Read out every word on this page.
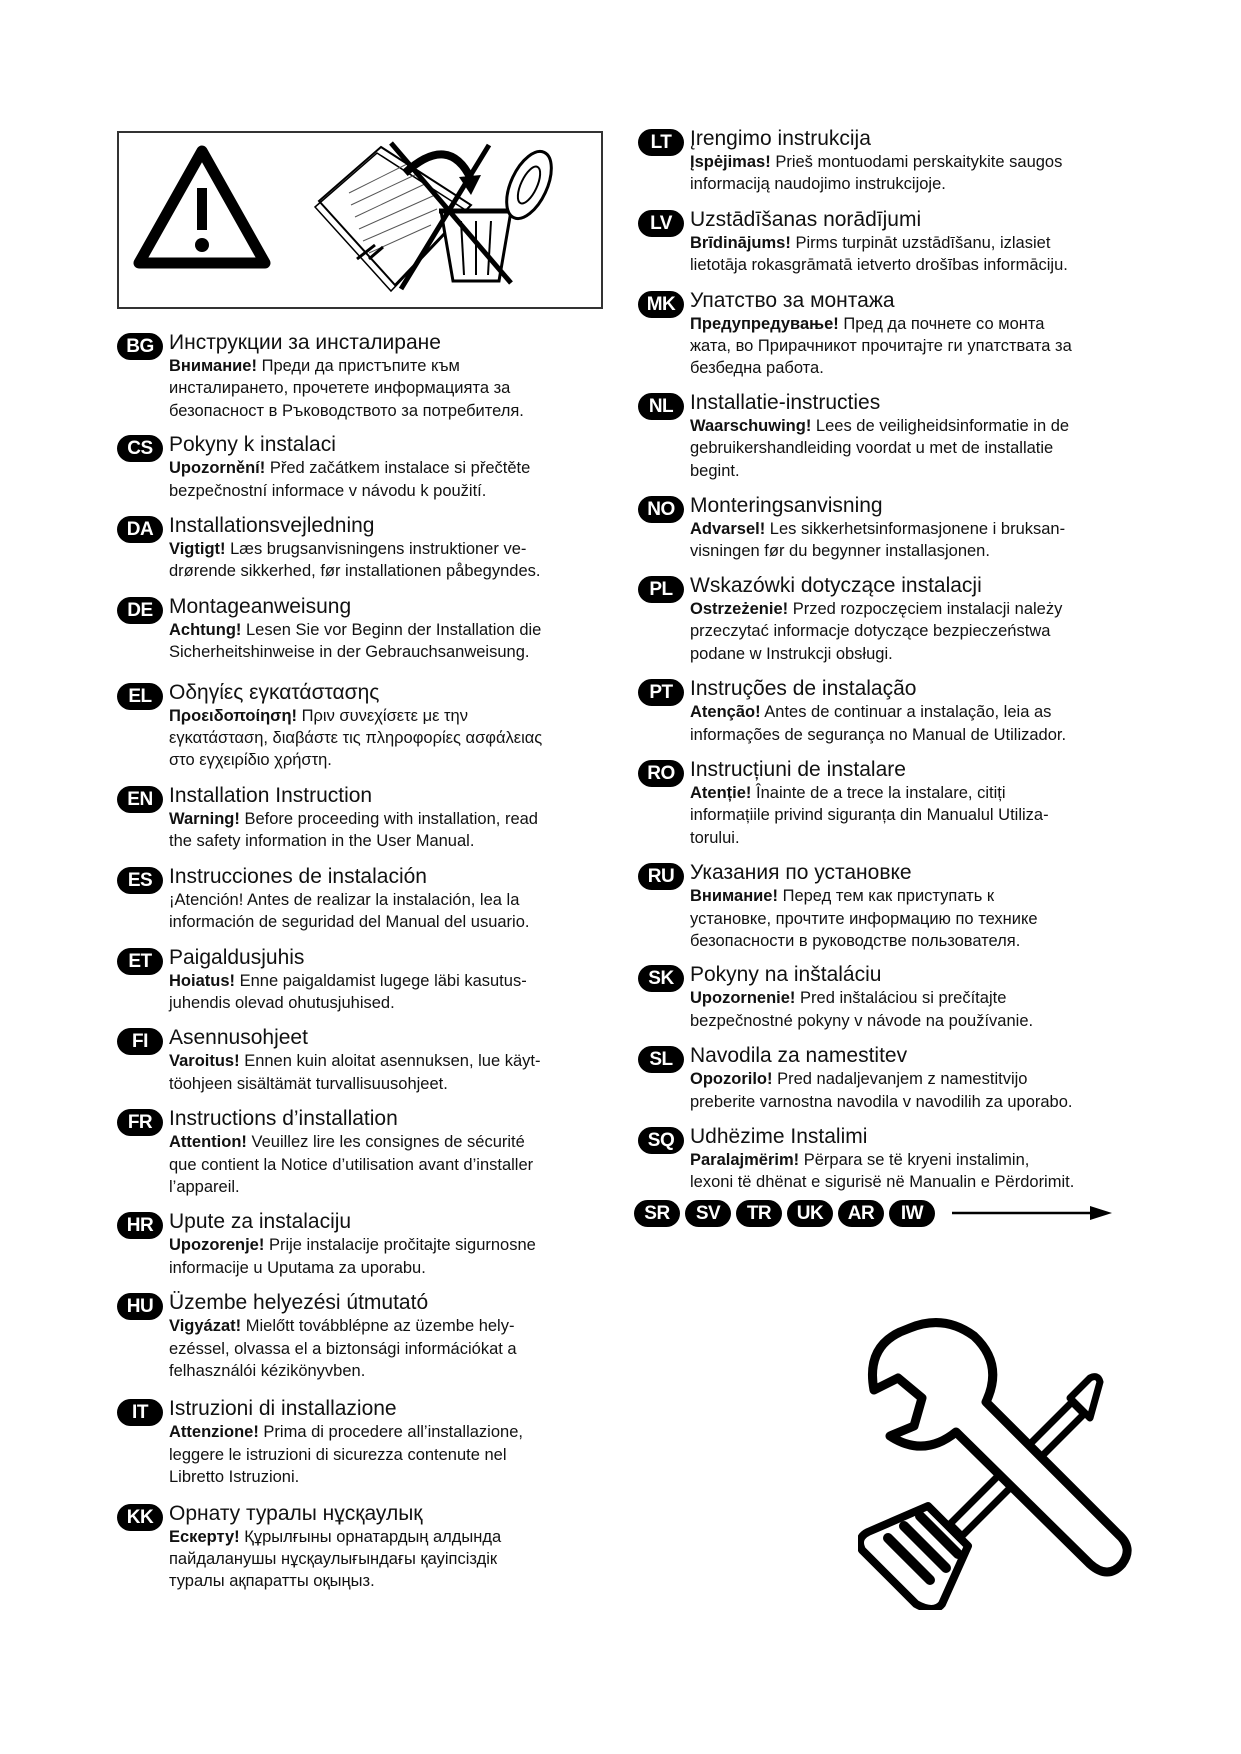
BG Инструкции за инсталиране

Внимание! Преди да пристъпите към
инсталирането, прочетете информацията за
безопасност в Ръководството за потребителя.

CS Pokyny k instalaci

Upozornění! Před začátkem instalace si přečtěte
bezpečnostní informace v návodu k použití.

DA Installationsvejledning

Vigtigt! Læs brugsanvisningens instruktioner ve-
drørende sikkerhed, før installationen påbegyndes.

DE Montageanweisung

Achtung! Lesen Sie vor Beginn der Installation die
Sicherheitshinweise in der Gebrauchsanweisung.

EL Οδηγίες εγκατάστασης

Προειδοποίηση! Πριν συνεχίσετε με την
εγκατάσταση, διαβάστε τις πληροφορίες ασφάλειας
στο εγχειρίδιο χρήστη.

EN Installation Instruction

Warning! Before proceeding with installation, read
the safety information in the User Manual.

ES Instrucciones de instalación

¡Atención! Antes de realizar la instalación, lea la
información de seguridad del Manual del usuario.

ET Paigaldusjuhis

Hoiatus! Enne paigaldamist lugege läbi kasutus-
juhendis olevad ohutusjuhised.

FI	Asennusohjeet

Varoitus! Ennen kuin aloitat asennuksen, lue käyt-
töohjeen sisältämät turvallisuusohjeet.

FR Instructions d’installation

Attention! Veuillez lire les consignes de sécurité
que contient la Notice d’utilisation avant d’installer
l’appareil.

HR Upute za instalaciju

Upozorenje! Prije instalacije pročitajte sigurnosne
informacije u Uputama za uporabu.

HU Üzembe helyezési útmutató

Vigyázat! Mielőtt továbblépne az üzembe hely-
ezéssel, olvassa el a biztonsági információkat a
felhasználói kézikönyvben.

IT	Istruzioni di installazione

Attenzione! Prima di procedere all’installazione,
leggere le istruzioni di sicurezza contenute nel
Libretto Istruzioni.

KK Орнату туралы нұсқаулық

Ескерту! Құрылғыны орнатардың алдында
пайдаланушы нұсқаулығындағы қауіпсіздік
туралы ақпаратты оқыңыз.

LT Įrengimo instrukcija

Įspėjimas! Prieš montuodami perskaitykite saugos
informaciją naudojimo instrukcijoje.

LV Uzstādīšanas norādījumi

Brīdinājums! Pirms turpināt uzstādīšanu, izlasiet
lietotāja rokasgrāmatā ietverto drošības informāciju.

MK Упатство за монтажа

Предупредување! Пред да почнете со монта
жата, во Прирачникот прочитајте ги упатствата за
безбедна работа.

NL Installatie-instructies

Waarschuwing! Lees de veiligheidsinformatie in de
gebruikershandleiding voordat u met de installatie
begint.

NO Monteringsanvisning

Advarsel! Les sikkerhetsinformasjonene i bruksan-
visningen før du begynner installasjonen.

PL Wskazówki dotyczące instalacji

Ostrzeżenie! Przed rozpoczęciem instalacji należy
przeczytać informacje dotyczące bezpieczeństwa
podane w Instrukcji obsługi.

PT Instruções de instalação

Atenção! Antes de continuar a instalação, leia as
informações de segurança no Manual de Utilizador.

RO Instrucțiuni de instalare

Atenție! Înainte de a trece la instalare, citiți
informațiile privind siguranța din Manualul Utiliza-
torului.

RU Указания по установке

Внимание! Перед тем как приступать к
установке, прочтите информацию по технике
безопасности в руководстве пользователя.

SK Pokyny na inštaláciu

Upozornenie! Pred inštaláciou si prečítajte
bezpečnostné pokyny v návode na používanie.

SL Navodila za namestitev

Opozorilo! Pred nadaljevanjem z namestitvijo
preberite varnostna navodila v navodilih za uporabo.

SQ Udhëzime Instalimi

Paralajmërim! Përpara se të kryeni instalimin,
lexoni të dhënat e sigurisë në Manualin e Përdorimit.

SR	SV	TR	UK	AR	IW
